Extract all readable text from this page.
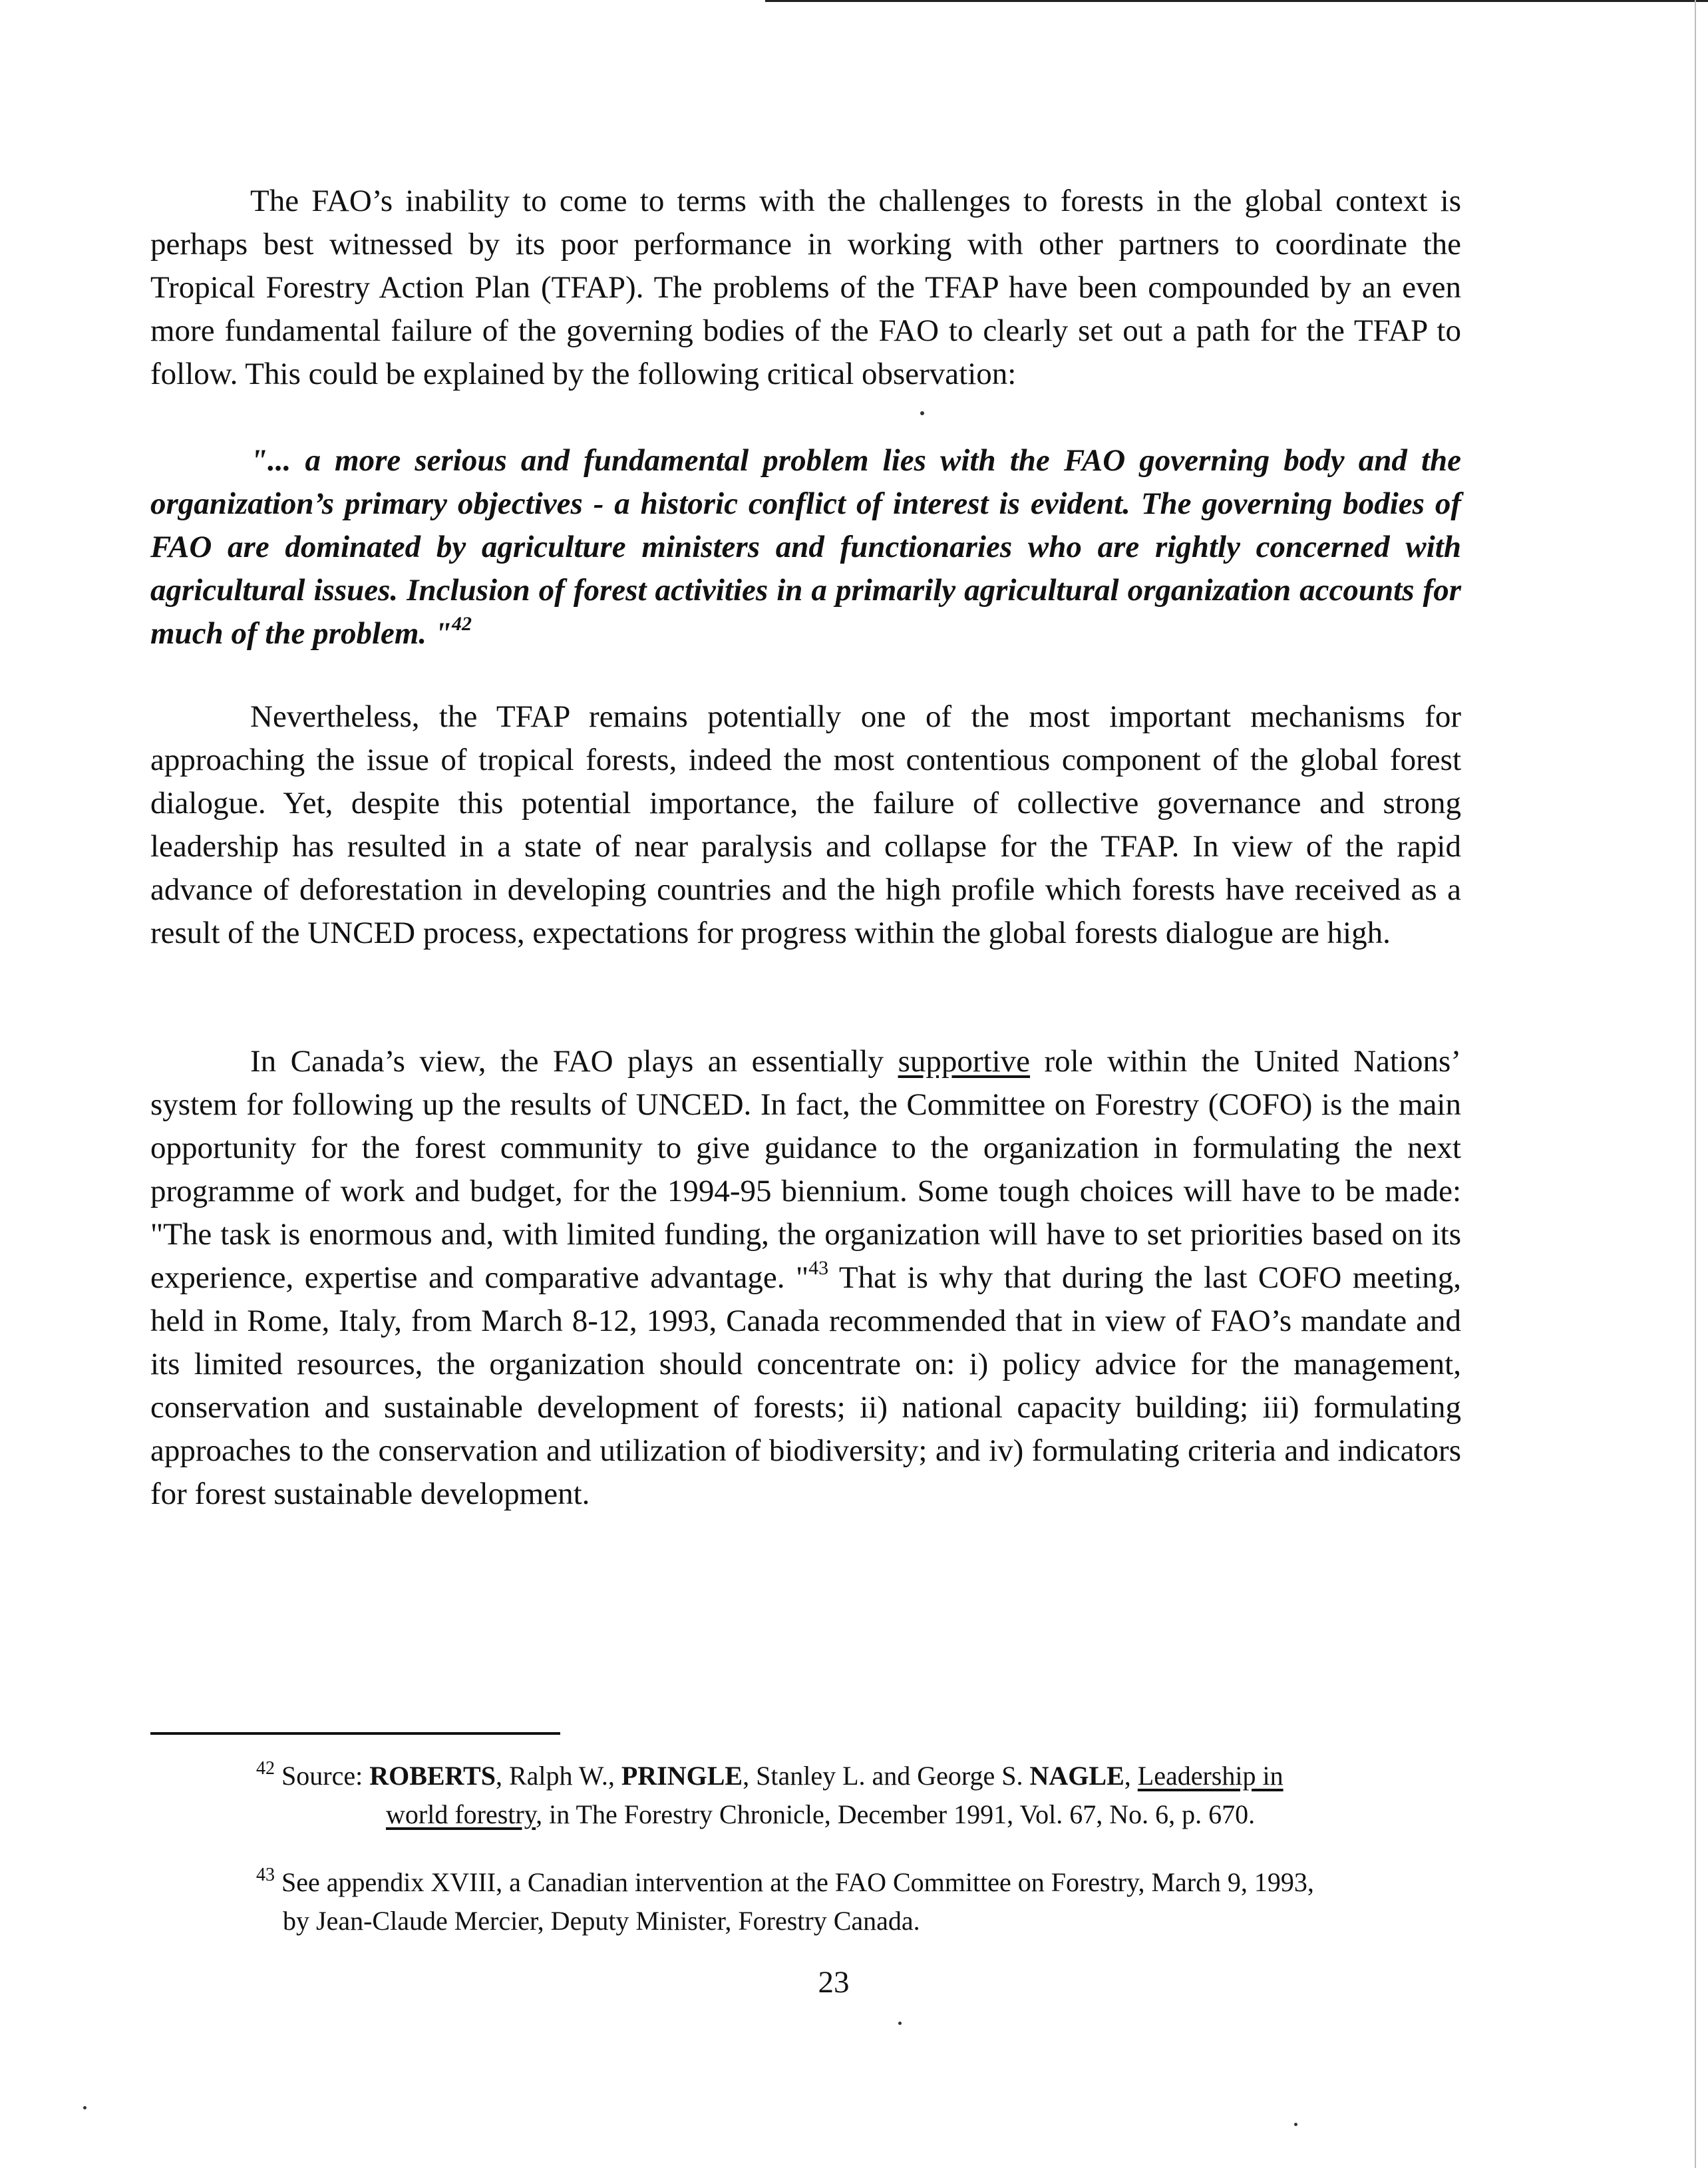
The FAO’s inability to come to terms with the challenges to forests in the global context is perhaps best witnessed by its poor performance in working with other partners to coordinate the Tropical Forestry Action Plan (TFAP). The problems of the TFAP have been compounded by an even more fundamental failure of the governing bodies of the FAO to clearly set out a path for the TFAP to follow. This could be explained by the following critical observation:

"... a more serious and fundamental problem lies with the FAO governing body and the organization’s primary objectives - a historic conflict of interest is evident. The governing bodies of FAO are dominated by agriculture ministers and functionaries who are rightly concerned with agricultural issues. Inclusion of forest activities in a primarily agricultural organization accounts for much of the problem. "$^{42}$

Nevertheless, the TFAP remains potentially one of the most important mechanisms for approaching the issue of tropical forests, indeed the most contentious component of the global forest dialogue. Yet, despite this potential importance, the failure of collective governance and strong leadership has resulted in a state of near paralysis and collapse for the TFAP. In view of the rapid advance of deforestation in developing countries and the high profile which forests have received as a result of the UNCED process, expectations for progress within the global forests dialogue are high.

In Canada’s view, the FAO plays an essentially supportive role within the United Nations’ system for following up the results of UNCED. In fact, the Committee on Forestry (COFO) is the main opportunity for the forest community to give guidance to the organization in formulating the next programme of work and budget, for the 1994-95 biennium. Some tough choices will have to be made: "The task is enormous and, with limited funding, the organization will have to set priorities based on its experience, expertise and comparative advantage. "$^{43}$ That is why that during the last COFO meeting, held in Rome, Italy, from March 8-12, 1993, Canada recommended that in view of FAO’s mandate and its limited resources, the organization should concentrate on: i) policy advice for the management, conservation and sustainable development of forests; ii) national capacity building; iii) formulating approaches to the conservation and utilization of biodiversity; and iv) formulating criteria and indicators for forest sustainable development.

$^{42}$ Source: ROBERTS, Ralph W., PRINGLE, Stanley L. and George S. NAGLE, Leadership in
world forestry, in The Forestry Chronicle, December 1991, Vol. 67, No. 6, p. 670.

$^{43}$ See appendix XVIII, a Canadian intervention at the FAO Committee on Forestry, March 9, 1993,
by Jean-Claude Mercier, Deputy Minister, Forestry Canada.

23
